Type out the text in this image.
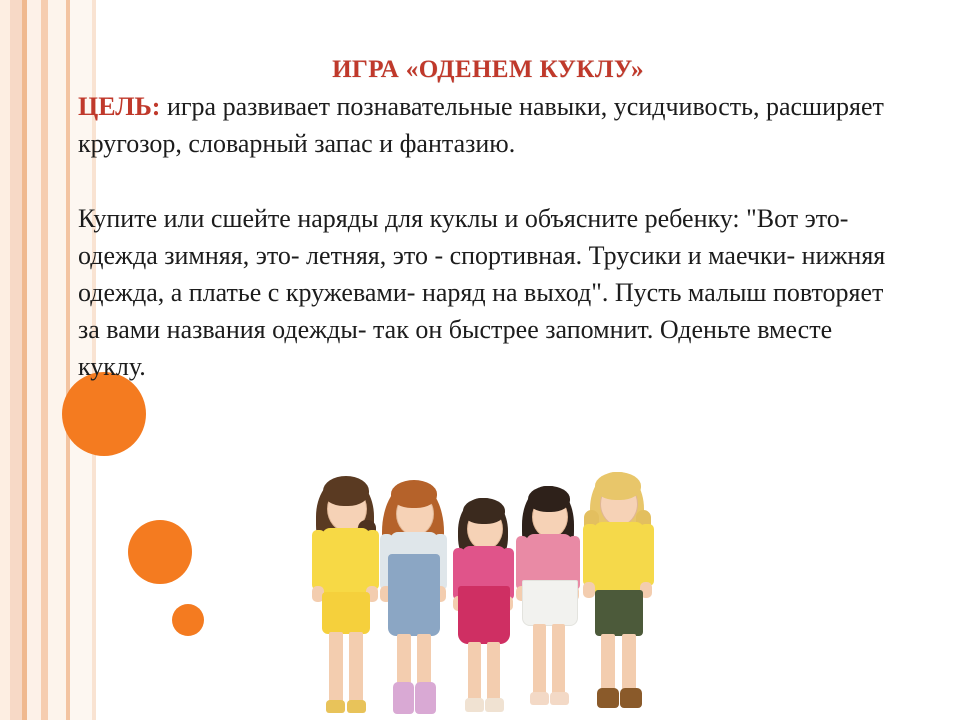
ИГРА «ОДЕНЕМ КУКЛУ»

ЦЕЛЬ: игра развивает познавательные навыки, усидчивость, расширяет кругозор, словарный запас и фантазию.

Купите или сшейте наряды для куклы и объясните ребенку: "Вот это-одежда зимняя, это- летняя, это - спортивная. Трусики и маечки- нижняя одежда, а платье с кружевами- наряд на выход". Пусть малыш повторяет за вами названия одежды- так он быстрее запомнит. Оденьте вместе куклу.
